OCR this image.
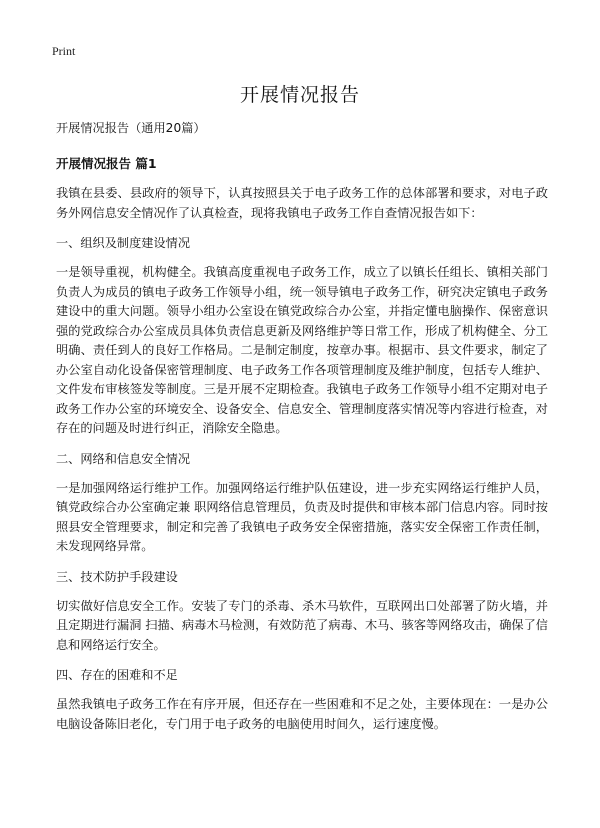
Print
开展情况报告

开展情况报告（通用20篇）

开展情况报告 篇1

我镇在县委、县政府的领导下，认真按照县关于电子政务工作的总体部署和要求，对电子政务外网信息安全情况作了认真检查，现将我镇电子政务工作自查情况报告如下：

一、组织及制度建设情况

一是领导重视，机构健全。我镇高度重视电子政务工作，成立了以镇长任组长、镇相关部门负责人为成员的镇电子政务工作领导小组，统一领导镇电子政务工作，研究决定镇电子政务建设中的重大问题。领导小组办公室设在镇党政综合办公室，并指定懂电脑操作、保密意识强的党政综合办公室成员具体负责信息更新及网络维护等日常工作，形成了机构健全、分工明确、责任到人的良好工作格局。二是制定制度，按章办事。根据市、县文件要求，制定了办公室自动化设备保密管理制度、电子政务工作各项管理制度及维护制度，包括专人维护、文件发布审核签发等制度。三是开展不定期检查。我镇电子政务工作领导小组不定期对电子政务工作办公室的环境安全、设备安全、信息安全、管理制度落实情况等内容进行检查，对存在的问题及时进行纠正，消除安全隐患。

二、网络和信息安全情况

一是加强网络运行维护工作。加强网络运行维护队伍建设，进一步充实网络运行维护人员，镇党政综合办公室确定兼 职网络信息管理员，负责及时提供和审核本部门信息内容。同时按照县安全管理要求，制定和完善了我镇电子政务安全保密措施，落实安全保密工作责任制，未发现网络异常。

三、技术防护手段建设

切实做好信息安全工作。安装了专门的杀毒、杀木马软件，互联网出口处部署了防火墙，并且定期进行漏洞 扫描、病毒木马检测，有效防范了病毒、木马、骇客等网络攻击，确保了信息和网络运行安全。

四、存在的困难和不足

虽然我镇电子政务工作在有序开展，但还存在一些困难和不足之处，主要体现在：一是办公电脑设备陈旧老化，专门用于电子政务的电脑使用时间久，运行速度慢。
